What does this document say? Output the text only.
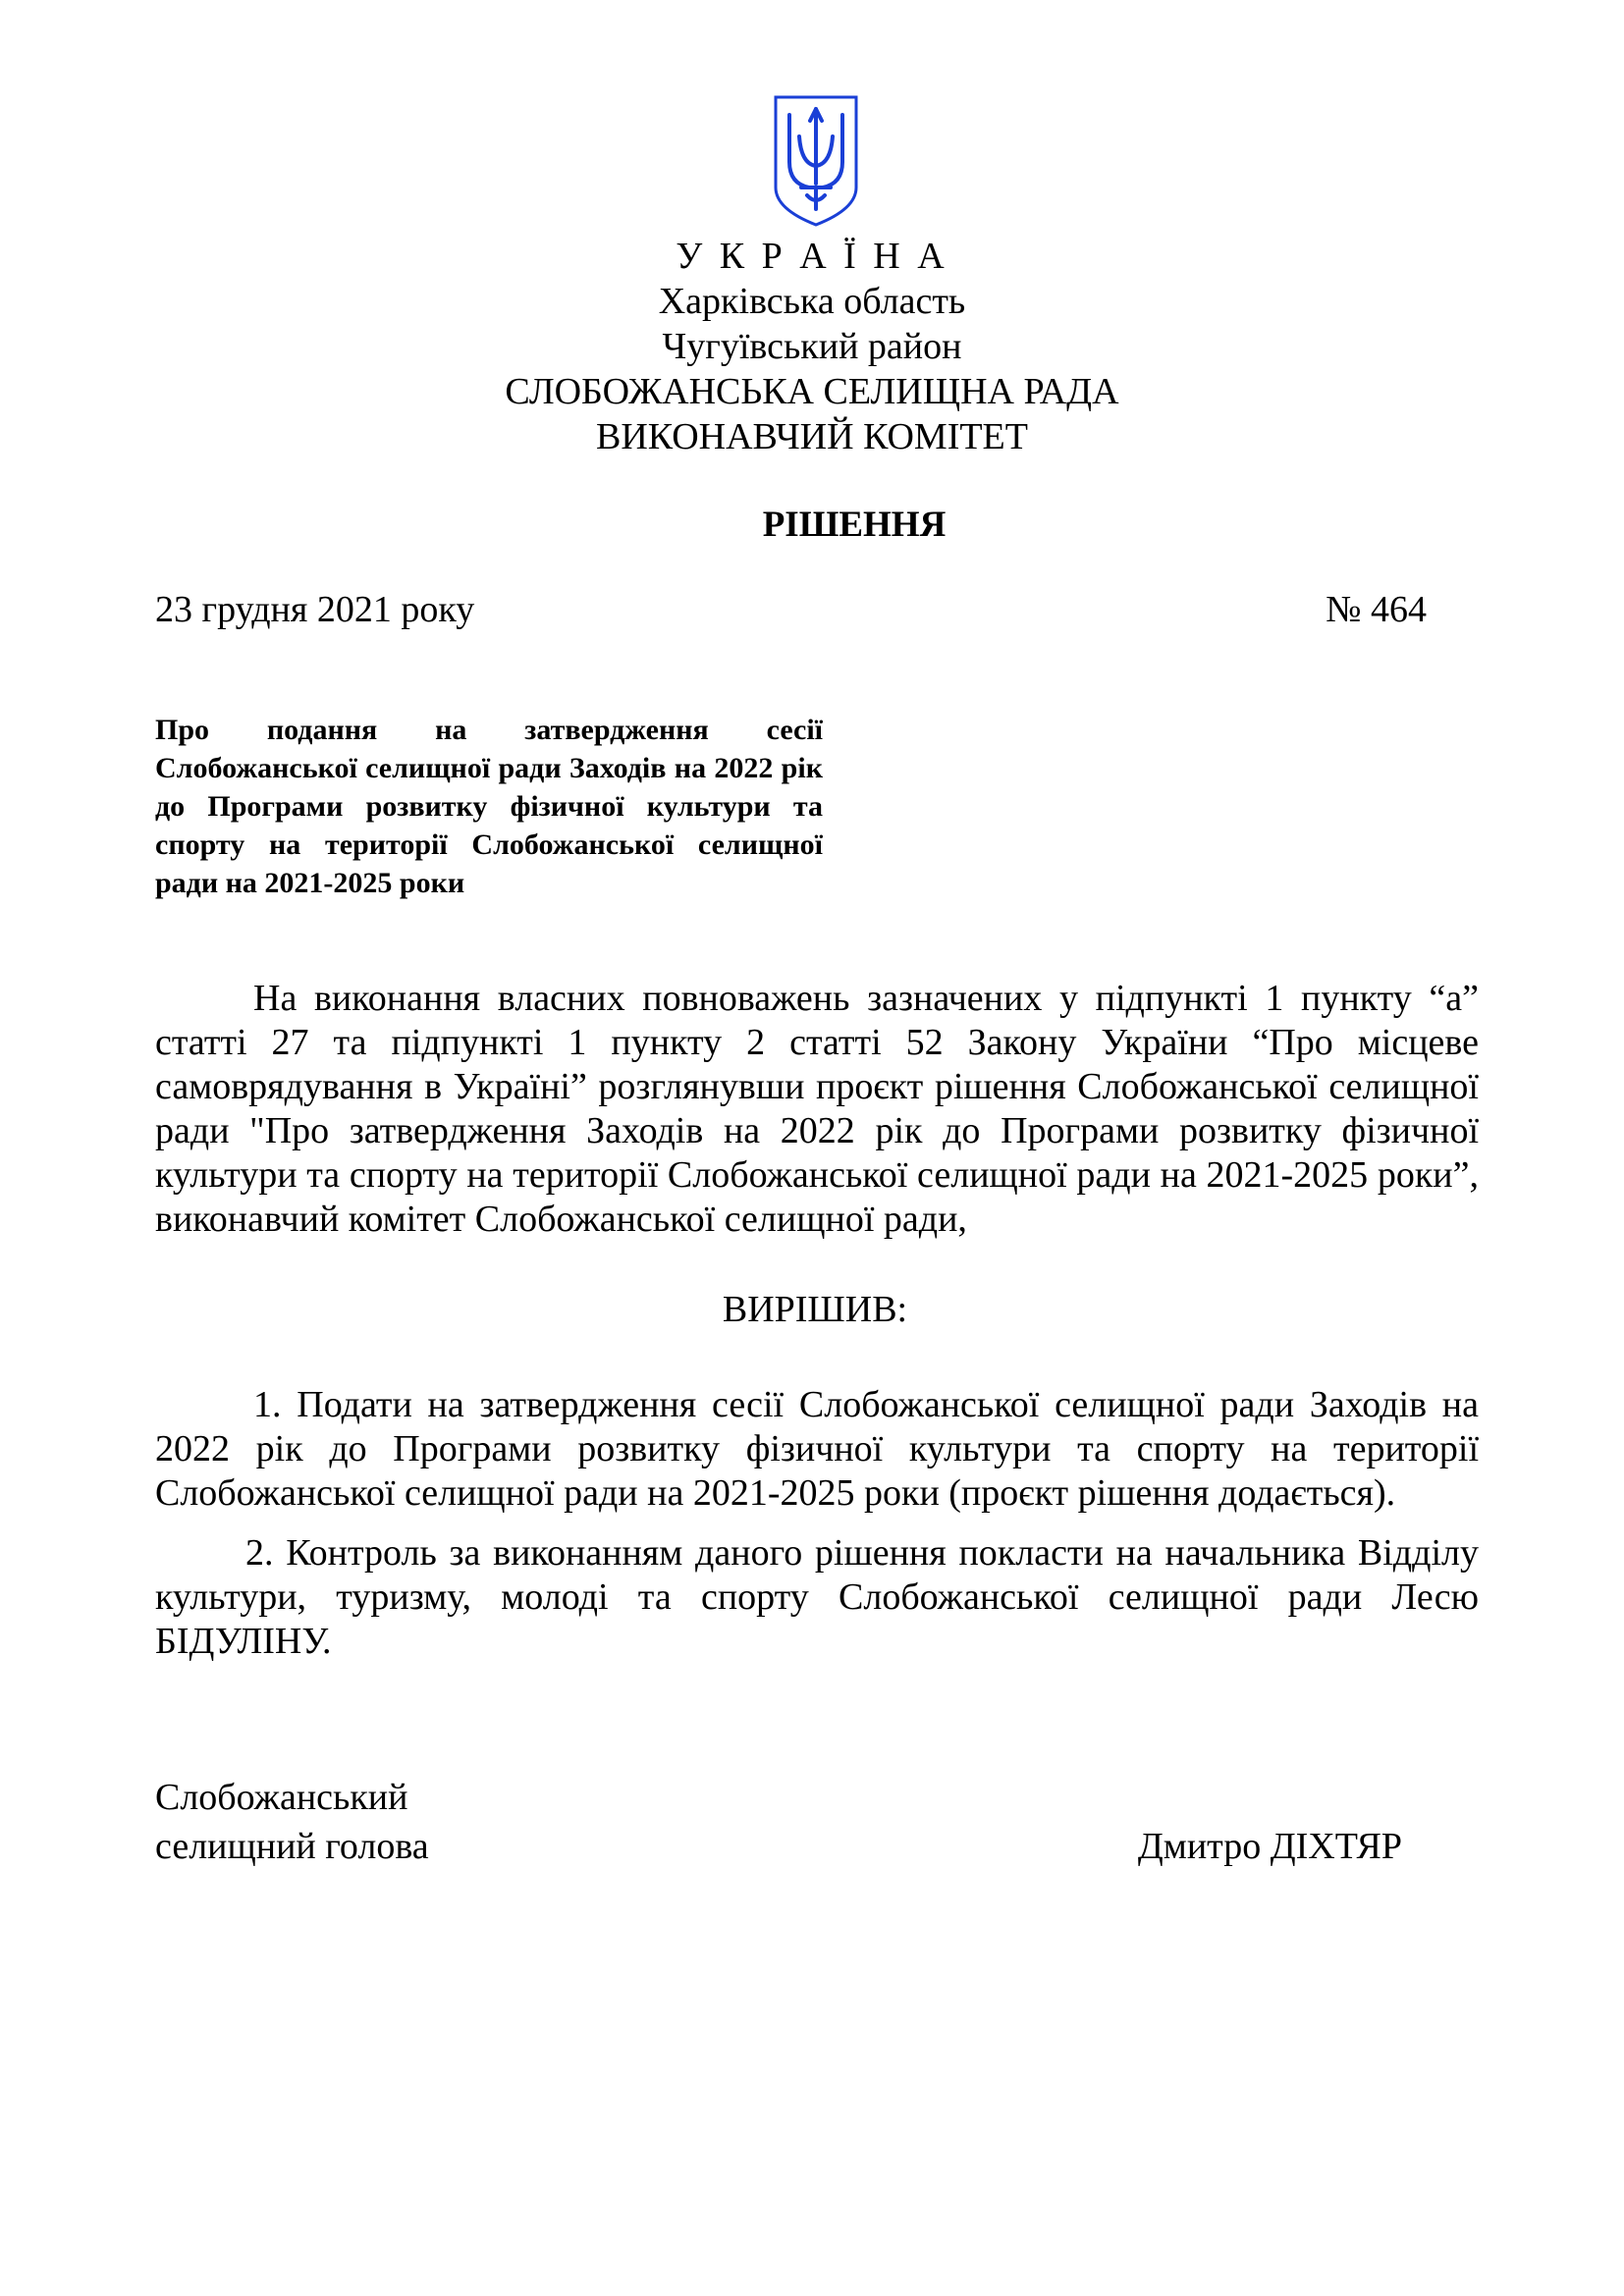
У К Р А Ї Н А
Харківська область
Чугуївський район
СЛОБОЖАНСЬКА СЕЛИЩНА РАДА
ВИКОНАВЧИЙ КОМІТЕТ
РІШЕННЯ
23 грудня 2021 року	№ 464
Про подання на затвердження сесії Слобожанської селищної ради Заходів на 2022 рік до Програми розвитку фізичної культури та спорту на території Слобожанської селищної ради на 2021-2025 роки
На виконання власних повноважень зазначених у підпункті 1 пункту “а” статті 27 та підпункті 1 пункту 2 статті 52 Закону України “Про місцеве самоврядування в Україні” розглянувши проєкт рішення Слобожанської селищної ради "Про затвердження Заходів на 2022 рік до Програми розвитку фізичної культури та спорту на території Слобожанської селищної ради на 2021-2025 роки”, виконавчий комітет Слобожанської селищної ради,
ВИРІШИВ:
1. Подати на затвердження сесії Слобожанської селищної ради Заходів на 2022 рік до Програми розвитку фізичної культури та спорту на території Слобожанської селищної ради на 2021-2025 роки (проєкт рішення додається).
2. Контроль за виконанням даного рішення покласти на начальника Відділу культури, туризму, молоді та спорту Слобожанської селищної ради Лесю БІДУЛІНУ.
Слобожанський
селищний голова	Дмитро ДІХТЯР
